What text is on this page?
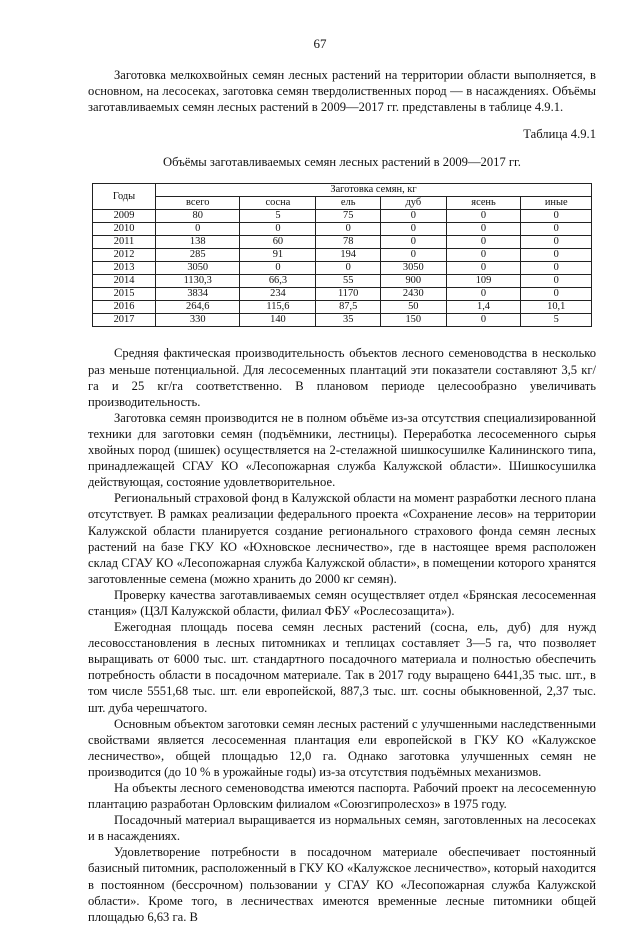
67

Заготовка мелкохвойных семян лесных растений на территории области выполняется, в основном, на лесосеках, заготовка семян твердолиственных пород — в насаждениях. Объёмы заготавливаемых семян лесных растений в 2009—2017 гг. представлены в таблице 4.9.1.

Таблица 4.9.1

Объёмы заготавливаемых семян лесных растений в 2009—2017 гг.

Годы	Заготовка семян, кг					
	всего	сосна	ель	дуб	ясень	иные
2009	80	5	75	0	0	0
2010	0	0	0	0	0	0
2011	138	60	78	0	0	0
2012	285	91	194	0	0	0
2013	3050	0	0	3050	0	0
2014	1130,3	66,3	55	900	109	0
2015	3834	234	1170	2430	0	0
2016	264,6	115,6	87,5	50	1,4	10,1
2017	330	140	35	150	0	5

Средняя фактическая производительность объектов лесного семеноводства в несколько раз меньше потенциальной. Для лесосеменных плантаций эти показатели составляют 3,5 кг/га и 25 кг/га соответственно. В плановом периоде целесообразно увеличивать производительность.

Заготовка семян производится не в полном объёме из-за отсутствия специализированной техники для заготовки семян (подъёмники, лестницы). Переработка лесосеменного сырья хвойных пород (шишек) осуществляется на 2-стелажной шишкосушилке Калининского типа, принадлежащей СГАУ КО «Лесопожарная служба Калужской области». Шишкосушилка действующая, состояние удовлетворительное.

Региональный страховой фонд в Калужской области на момент разработки лесного плана отсутствует. В рамках реализации федерального проекта «Сохранение лесов» на территории Калужской области планируется создание регионального страхового фонда семян лесных растений на базе ГКУ КО «Юхновское лесничество», где в настоящее время расположен склад СГАУ КО «Лесопожарная служба Калужской области», в помещении которого хранятся заготовленные семена (можно хранить до 2000 кг семян).

Проверку качества заготавливаемых семян осуществляет отдел «Брянская лесосеменная станция» (ЦЗЛ Калужской области, филиал ФБУ «Рослесозащита»).

Ежегодная площадь посева семян лесных растений (сосна, ель, дуб) для нужд лесовосстановления в лесных питомниках и теплицах составляет 3—5 га, что позволяет выращивать от 6000 тыс. шт. стандартного посадочного материала и полностью обеспечить потребность области в посадочном материале. Так в 2017 году выращено 6441,35 тыс. шт., в том числе 5551,68 тыс. шт. ели европейской, 887,3 тыс. шт. сосны обыкновенной, 2,37 тыс. шт. дуба черешчатого.

Основным объектом заготовки семян лесных растений с улучшенными наследственными свойствами является лесосеменная плантация ели европейской в ГКУ КО «Калужское лесничество», общей площадью 12,0 га. Однако заготовка улучшенных семян не производится (до 10 % в урожайные годы) из-за отсутствия подъёмных механизмов.

На объекты лесного семеноводства имеются паспорта. Рабочий проект на лесосеменную плантацию разработан Орловским филиалом «Союзгипролесхоз» в 1975 году.

Посадочный материал выращивается из нормальных семян, заготовленных на лесосеках и в насаждениях.

Удовлетворение потребности в посадочном материале обеспечивает постоянный базисный питомник, расположенный в ГКУ КО «Калужское лесничество», который находится в постоянном (бессрочном) пользовании у СГАУ КО «Лесопожарная служба Калужской области». Кроме того, в лесничествах имеются временные лесные питомники общей площадью 6,63 га. В
